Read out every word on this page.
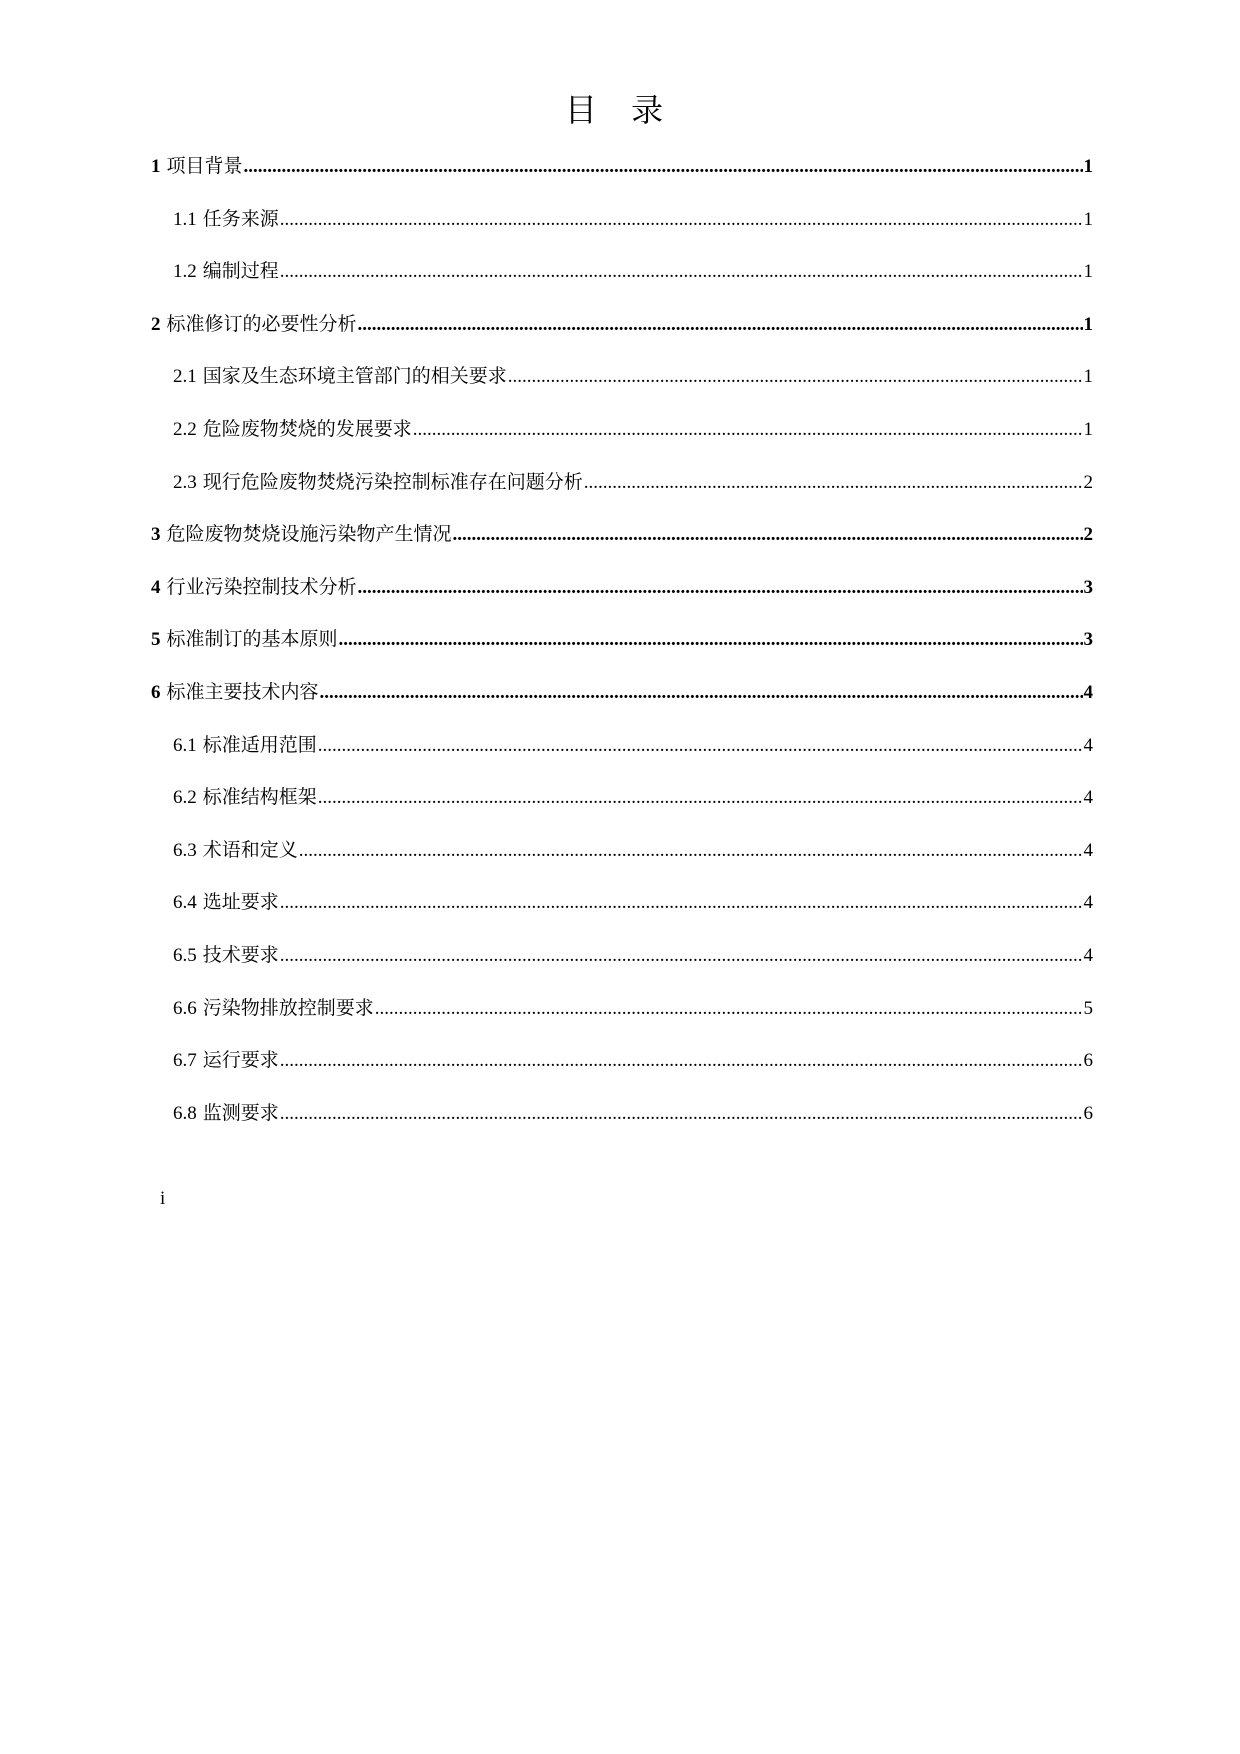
目 录
1 项目背景 .....	1
1.1 任务来源 .....	1
1.2 编制过程 .....	1
2 标准修订的必要性分析 .....	1
2.1 国家及生态环境主管部门的相关要求 .....	1
2.2 危险废物焚烧的发展要求 .....	1
2.3 现行危险废物焚烧污染控制标准存在问题分析 .....	2
3 危险废物焚烧设施污染物产生情况 .....	2
4 行业污染控制技术分析 .....	3
5 标准制订的基本原则 .....	3
6 标准主要技术内容 .....	4
6.1 标准适用范围 .....	4
6.2 标准结构框架 .....	4
6.3 术语和定义 .....	4
6.4 选址要求 .....	4
6.5 技术要求 .....	4
6.6 污染物排放控制要求 .....	5
6.7 运行要求 .....	6
6.8 监测要求 .....	6
i
